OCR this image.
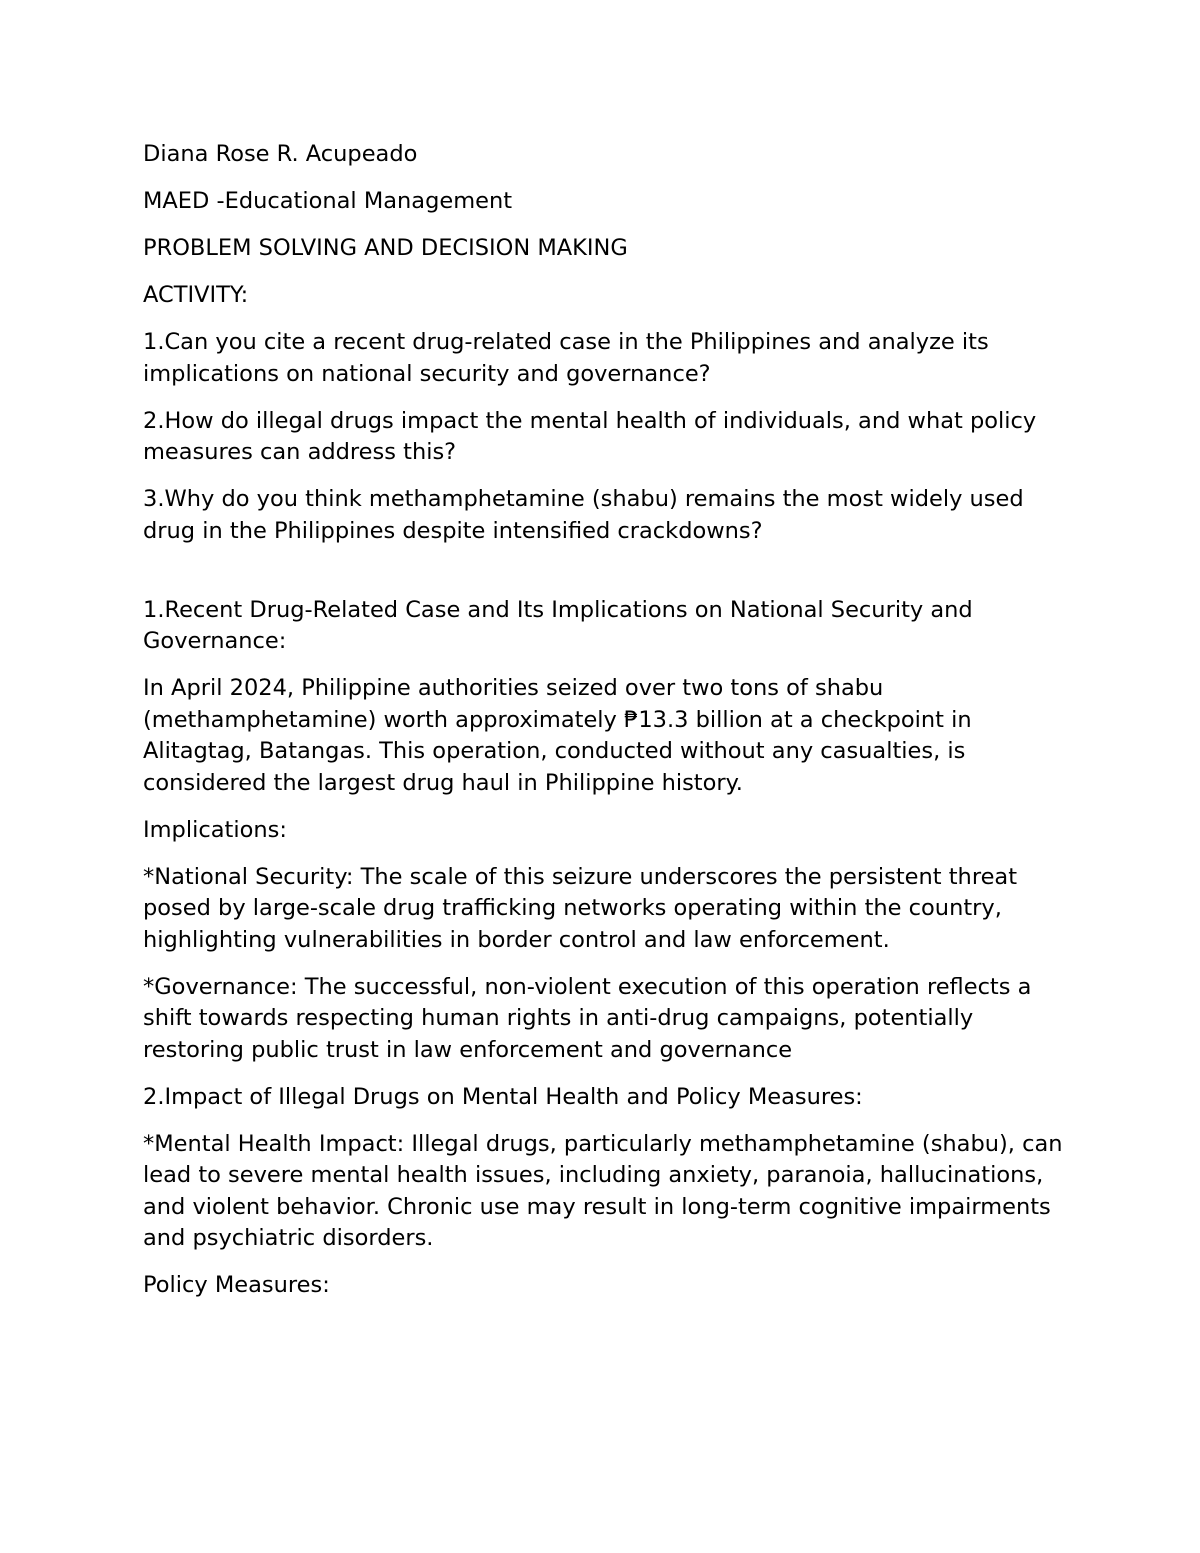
Diana Rose R. Acupeado

MAED -Educational Management

PROBLEM SOLVING AND DECISION MAKING

ACTIVITY:

1.Can you cite a recent drug-related case in the Philippines and analyze its implications on national security and governance?

2.How do illegal drugs impact the mental health of individuals, and what policy measures can address this?

3.Why do you think methamphetamine (shabu) remains the most widely used drug in the Philippines despite intensified crackdowns?

1.Recent Drug-Related Case and Its Implications on National Security and Governance:

In April 2024, Philippine authorities seized over two tons of shabu (methamphetamine) worth approximately ₱13.3 billion at a checkpoint in Alitagtag, Batangas. This operation, conducted without any casualties, is considered the largest drug haul in Philippine history.

Implications:

*National Security: The scale of this seizure underscores the persistent threat posed by large-scale drug trafficking networks operating within the country, highlighting vulnerabilities in border control and law enforcement.

*Governance: The successful, non-violent execution of this operation reflects a shift towards respecting human rights in anti-drug campaigns, potentially restoring public trust in law enforcement and governance

2.Impact of Illegal Drugs on Mental Health and Policy Measures:

*Mental Health Impact: Illegal drugs, particularly methamphetamine (shabu), can lead to severe mental health issues, including anxiety, paranoia, hallucinations, and violent behavior. Chronic use may result in long-term cognitive impairments and psychiatric disorders.

Policy Measures:
